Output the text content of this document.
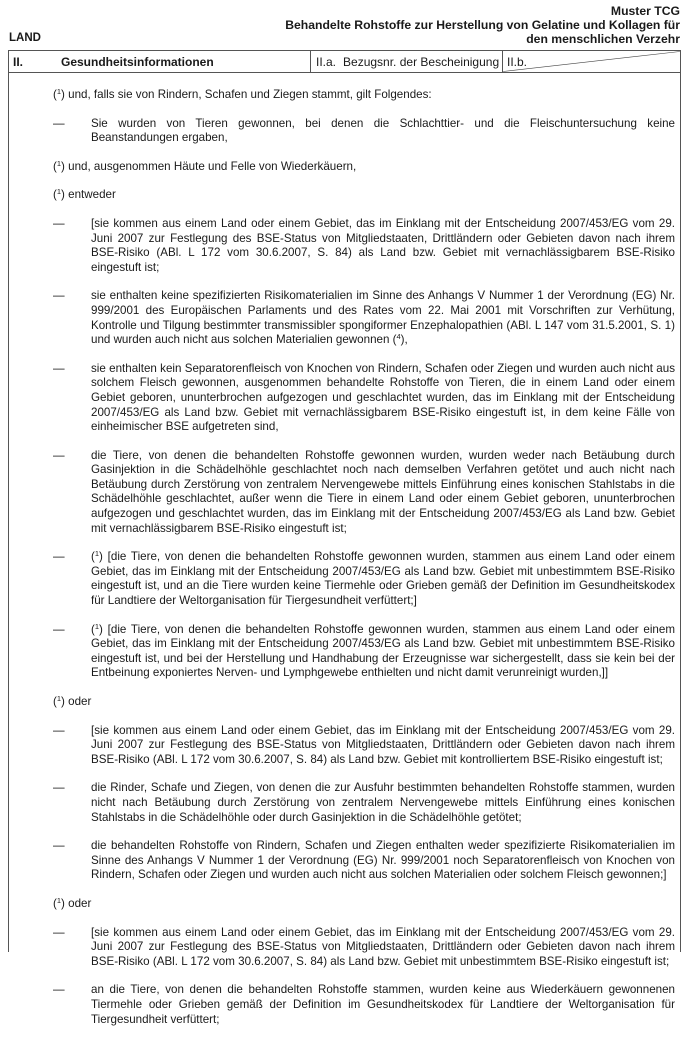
Muster TCG
Behandelte Rohstoffe zur Herstellung von Gelatine und Kollagen für
den menschlichen Verzehr
LAND
II.	Gesundheitsinformationen	II.a. Bezugsnr. der Bescheinigung II.b.

($^1$) und, falls sie von Rindern, Schafen und Ziegen stammt, gilt Folgendes:

—	Sie wurden von Tieren gewonnen, bei denen die Schlachttier- und die Fleischuntersuchung keine Beanstandungen ergaben,

($^1$) und, ausgenommen Häute und Felle von Wiederkäuern,

($^1$) entweder

—	[sie kommen aus einem Land oder einem Gebiet, das im Einklang mit der Entscheidung 2007/453/EG vom 29. Juni 2007 zur Festlegung des BSE-Status von Mitgliedstaaten, Drittländern oder Gebieten davon nach ihrem BSE-Risiko (ABl. L 172 vom 30.6.2007, S. 84) als Land bzw. Gebiet mit vernachlässigbarem BSE-Risiko eingestuft ist;
—	sie enthalten keine spezifizierten Risikomaterialien im Sinne des Anhangs V Nummer 1 der Verordnung (EG) Nr. 999/2001 des Europäischen Parlaments und des Rates vom 22. Mai 2001 mit Vorschriften zur Verhütung, Kontrolle und Tilgung bestimmter transmissibler spongiformer Enzephalopathien (ABl. L 147 vom 31.5.2001, S. 1) und wurden auch nicht aus solchen Materialien gewonnen ($^4$),
—	sie enthalten kein Separatorenfleisch von Knochen von Rindern, Schafen oder Ziegen und wurden auch nicht aus solchem Fleisch gewonnen, ausgenommen behandelte Rohstoffe von Tieren, die in einem Land oder einem Gebiet geboren, ununterbrochen aufgezogen und geschlachtet wurden, das im Einklang mit der Entscheidung 2007/453/EG als Land bzw. Gebiet mit vernachlässigbarem BSE-Risiko eingestuft ist, in dem keine Fälle von einheimischer BSE aufgetreten sind,
—	die Tiere, von denen die behandelten Rohstoffe gewonnen wurden, wurden weder nach Betäubung durch Gasinjektion in die Schädelhöhle geschlachtet noch nach demselben Verfahren getötet und auch nicht nach Betäubung durch Zerstörung von zentralem Nervengewebe mittels Einführung eines konischen Stahlstabs in die Schädelhöhle geschlachtet, außer wenn die Tiere in einem Land oder einem Gebiet geboren, ununterbrochen aufgezogen und geschlachtet wurden, das im Einklang mit der Entscheidung 2007/453/EG als Land bzw. Gebiet mit vernachlässigbarem BSE-Risiko eingestuft ist;
—	($^1$) [die Tiere, von denen die behandelten Rohstoffe gewonnen wurden, stammen aus einem Land oder einem Gebiet, das im Einklang mit der Entscheidung 2007/453/EG als Land bzw. Gebiet mit unbestimmtem BSE-Risiko eingestuft ist, und an die Tiere wurden keine Tiermehle oder Grieben gemäß der Definition im Gesundheitskodex für Landtiere der Weltorganisation für Tiergesundheit verfüttert;]
—	($^1$) [die Tiere, von denen die behandelten Rohstoffe gewonnen wurden, stammen aus einem Land oder einem Gebiet, das im Einklang mit der Entscheidung 2007/453/EG als Land bzw. Gebiet mit unbestimmtem BSE-Risiko eingestuft ist, und bei der Herstellung und Handhabung der Erzeugnisse war sichergestellt, dass sie kein bei der Entbeinung exponiertes Nerven- und Lymphgewebe enthielten und nicht damit verunreinigt wurden,]]

($^1$) oder

—	[sie kommen aus einem Land oder einem Gebiet, das im Einklang mit der Entscheidung 2007/453/EG vom 29. Juni 2007 zur Festlegung des BSE-Status von Mitgliedstaaten, Drittländern oder Gebieten davon nach ihrem BSE-Risiko (ABl. L 172 vom 30.6.2007, S. 84) als Land bzw. Gebiet mit kontrolliertem BSE-Risiko eingestuft ist;
—	die Rinder, Schafe und Ziegen, von denen die zur Ausfuhr bestimmten behandelten Rohstoffe stammen, wurden nicht nach Betäubung durch Zerstörung von zentralem Nervengewebe mittels Einführung eines konischen Stahlstabs in die Schädelhöhle oder durch Gasinjektion in die Schädelhöhle getötet;
—	die behandelten Rohstoffe von Rindern, Schafen und Ziegen enthalten weder spezifizierte Risikomaterialien im Sinne des Anhangs V Nummer 1 der Verordnung (EG) Nr. 999/2001 noch Separatorenfleisch von Knochen von Rindern, Schafen oder Ziegen und wurden auch nicht aus solchen Materialien oder solchem Fleisch gewonnen;]

($^1$) oder

—	[sie kommen aus einem Land oder einem Gebiet, das im Einklang mit der Entscheidung 2007/453/EG vom 29. Juni 2007 zur Festlegung des BSE-Status von Mitgliedstaaten, Drittländern oder Gebieten davon nach ihrem BSE-Risiko (ABl. L 172 vom 30.6.2007, S. 84) als Land bzw. Gebiet mit unbestimmtem BSE-Risiko eingestuft ist;
—	an die Tiere, von denen die behandelten Rohstoffe stammen, wurden keine aus Wiederkäuern gewonnenen Tiermehle oder Grieben gemäß der Definition im Gesundheitskodex für Landtiere der Weltorganisation für Tiergesundheit verfüttert;
